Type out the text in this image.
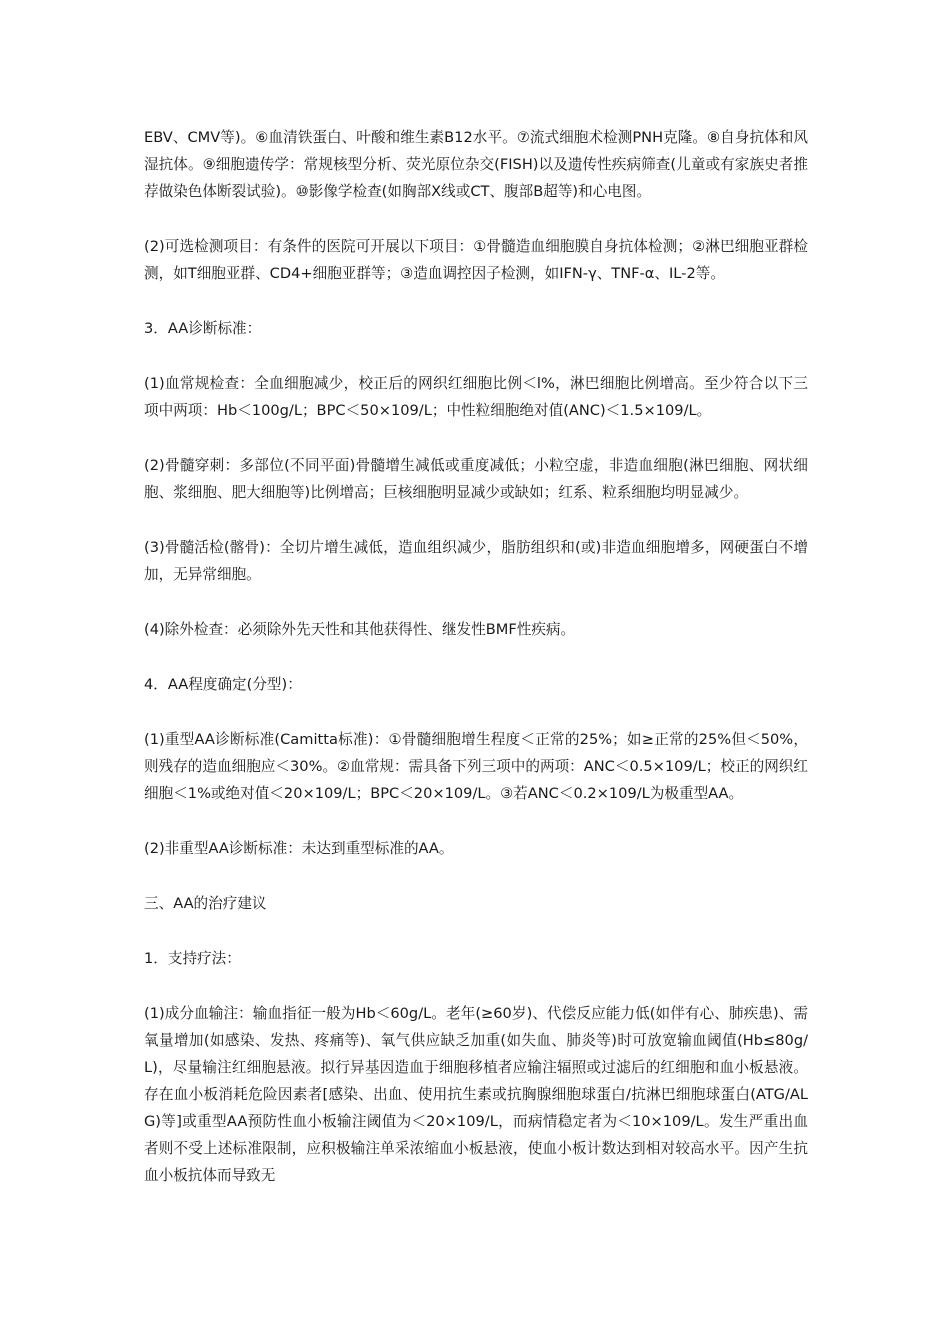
EBV、CMV等)。⑥血清铁蛋白、叶酸和维生素B12水平。⑦流式细胞术检测PNH克隆。⑧自身抗体和风湿抗体。⑨细胞遗传学：常规核型分析、荧光原位杂交(FISH)以及遗传性疾病筛查(儿童或有家族史者推荐做染色体断裂试验)。⑩影像学检查(如胸部X线或CT、腹部B超等)和心电图。

(2)可选检测项目：有条件的医院可开展以下项目：①骨髓造血细胞膜自身抗体检测；②淋巴细胞亚群检测，如T细胞亚群、CD4+细胞亚群等；③造血调控因子检测，如IFN-γ、TNF-α、IL-2等。

3．AA诊断标准：

(1)血常规检查：全血细胞减少，校正后的网织红细胞比例＜l%，淋巴细胞比例增高。至少符合以下三项中两项：Hb＜100g/L；BPC＜50×109/L；中性粒细胞绝对值(ANC)＜1.5×109/L。

(2)骨髓穿刺：多部位(不同平面)骨髓增生减低或重度减低；小粒空虚，非造血细胞(淋巴细胞、网状细胞、浆细胞、肥大细胞等)比例增高；巨核细胞明显减少或缺如；红系、粒系细胞均明显减少。

(3)骨髓活检(髂骨)：全切片增生减低，造血组织减少，脂肪组织和(或)非造血细胞增多，网硬蛋白不增加，无异常细胞。

(4)除外检查：必须除外先天性和其他获得性、继发性BMF性疾病。

4．AA程度确定(分型)：

(1)重型AA诊断标准(Camitta标准)：①骨髓细胞增生程度＜正常的25%；如≥正常的25%但＜50%，则残存的造血细胞应＜30%。②血常规：需具备下列三项中的两项：ANC＜0.5×109/L；校正的网织红细胞＜1%或绝对值＜20×109/L；BPC＜20×109/L。③若ANC＜0.2×109/L为极重型AA。

(2)非重型AA诊断标准：未达到重型标准的AA。

三、AA的治疗建议

1．支持疗法：

(1)成分血输注：输血指征一般为Hb＜60g/L。老年(≥60岁)、代偿反应能力低(如伴有心、肺疾患)、需氧量增加(如感染、发热、疼痛等)、氧气供应缺乏加重(如失血、肺炎等)时可放宽输血阈值(Hb≤80g/L)，尽量输注红细胞悬液。拟行异基因造血于细胞移植者应输注辐照或过滤后的红细胞和血小板悬液。存在血小板消耗危险因素者[感染、出血、使用抗生素或抗胸腺细胞球蛋白/抗淋巴细胞球蛋白(ATG/ALG)等]或重型AA预防性血小板输注阈值为＜20×109/L，而病情稳定者为＜10×109/L。发生严重出血者则不受上述标准限制，应积极输注单采浓缩血小板悬液，使血小板计数达到相对较高水平。因产生抗血小板抗体而导致无
